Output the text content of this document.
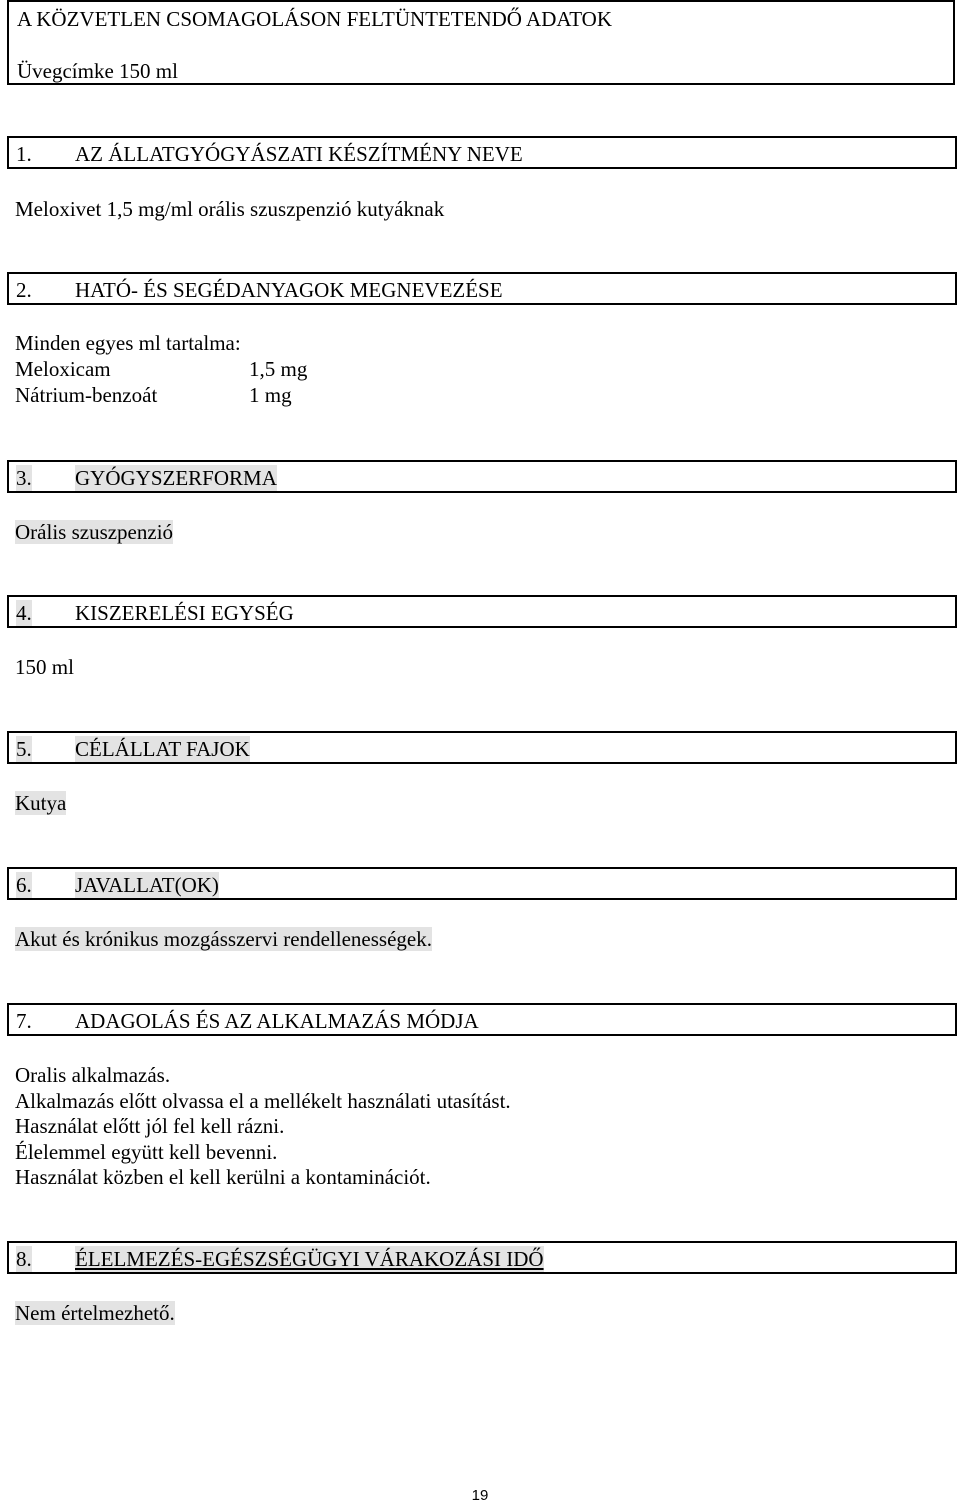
A KÖZVETLEN CSOMAGOLÁSON FELTÜNTETENDŐ ADATOK
Üvegcímke 150 ml
1. AZ ÁLLATGYÓGYÁSZATI KÉSZÍTMÉNY NEVE
Meloxivet 1,5 mg/ml orális szuszpenzió kutyáknak
2. HATÓ- ÉS SEGÉDANYAGOK MEGNEVEZÉSE
Minden egyes ml tartalma:
Meloxicam	1,5 mg
Nátrium-benzoát	1 mg
3. GYÓGYSZERFORMA
Orális szuszpenzió
4. KISZERELÉSI EGYSÉG
150 ml
5. CÉLÁLLAT FAJOK
Kutya
6. JAVALLAT(OK)
Akut és krónikus mozgásszervi rendellenességek.
7. ADAGOLÁS ÉS AZ ALKALMAZÁS MÓDJA
Oralis alkalmazás.
Alkalmazás előtt olvassa el a mellékelt használati utasítást.
Használat előtt jól fel kell rázni.
Élelemmel együtt kell bevenni.
Használat közben el kell kerülni a kontaminációt.
8. ÉLELMEZÉS-EGÉSZSÉGÜGYI VÁRAKOZÁSI IDŐ
Nem értelmezhető.
19
